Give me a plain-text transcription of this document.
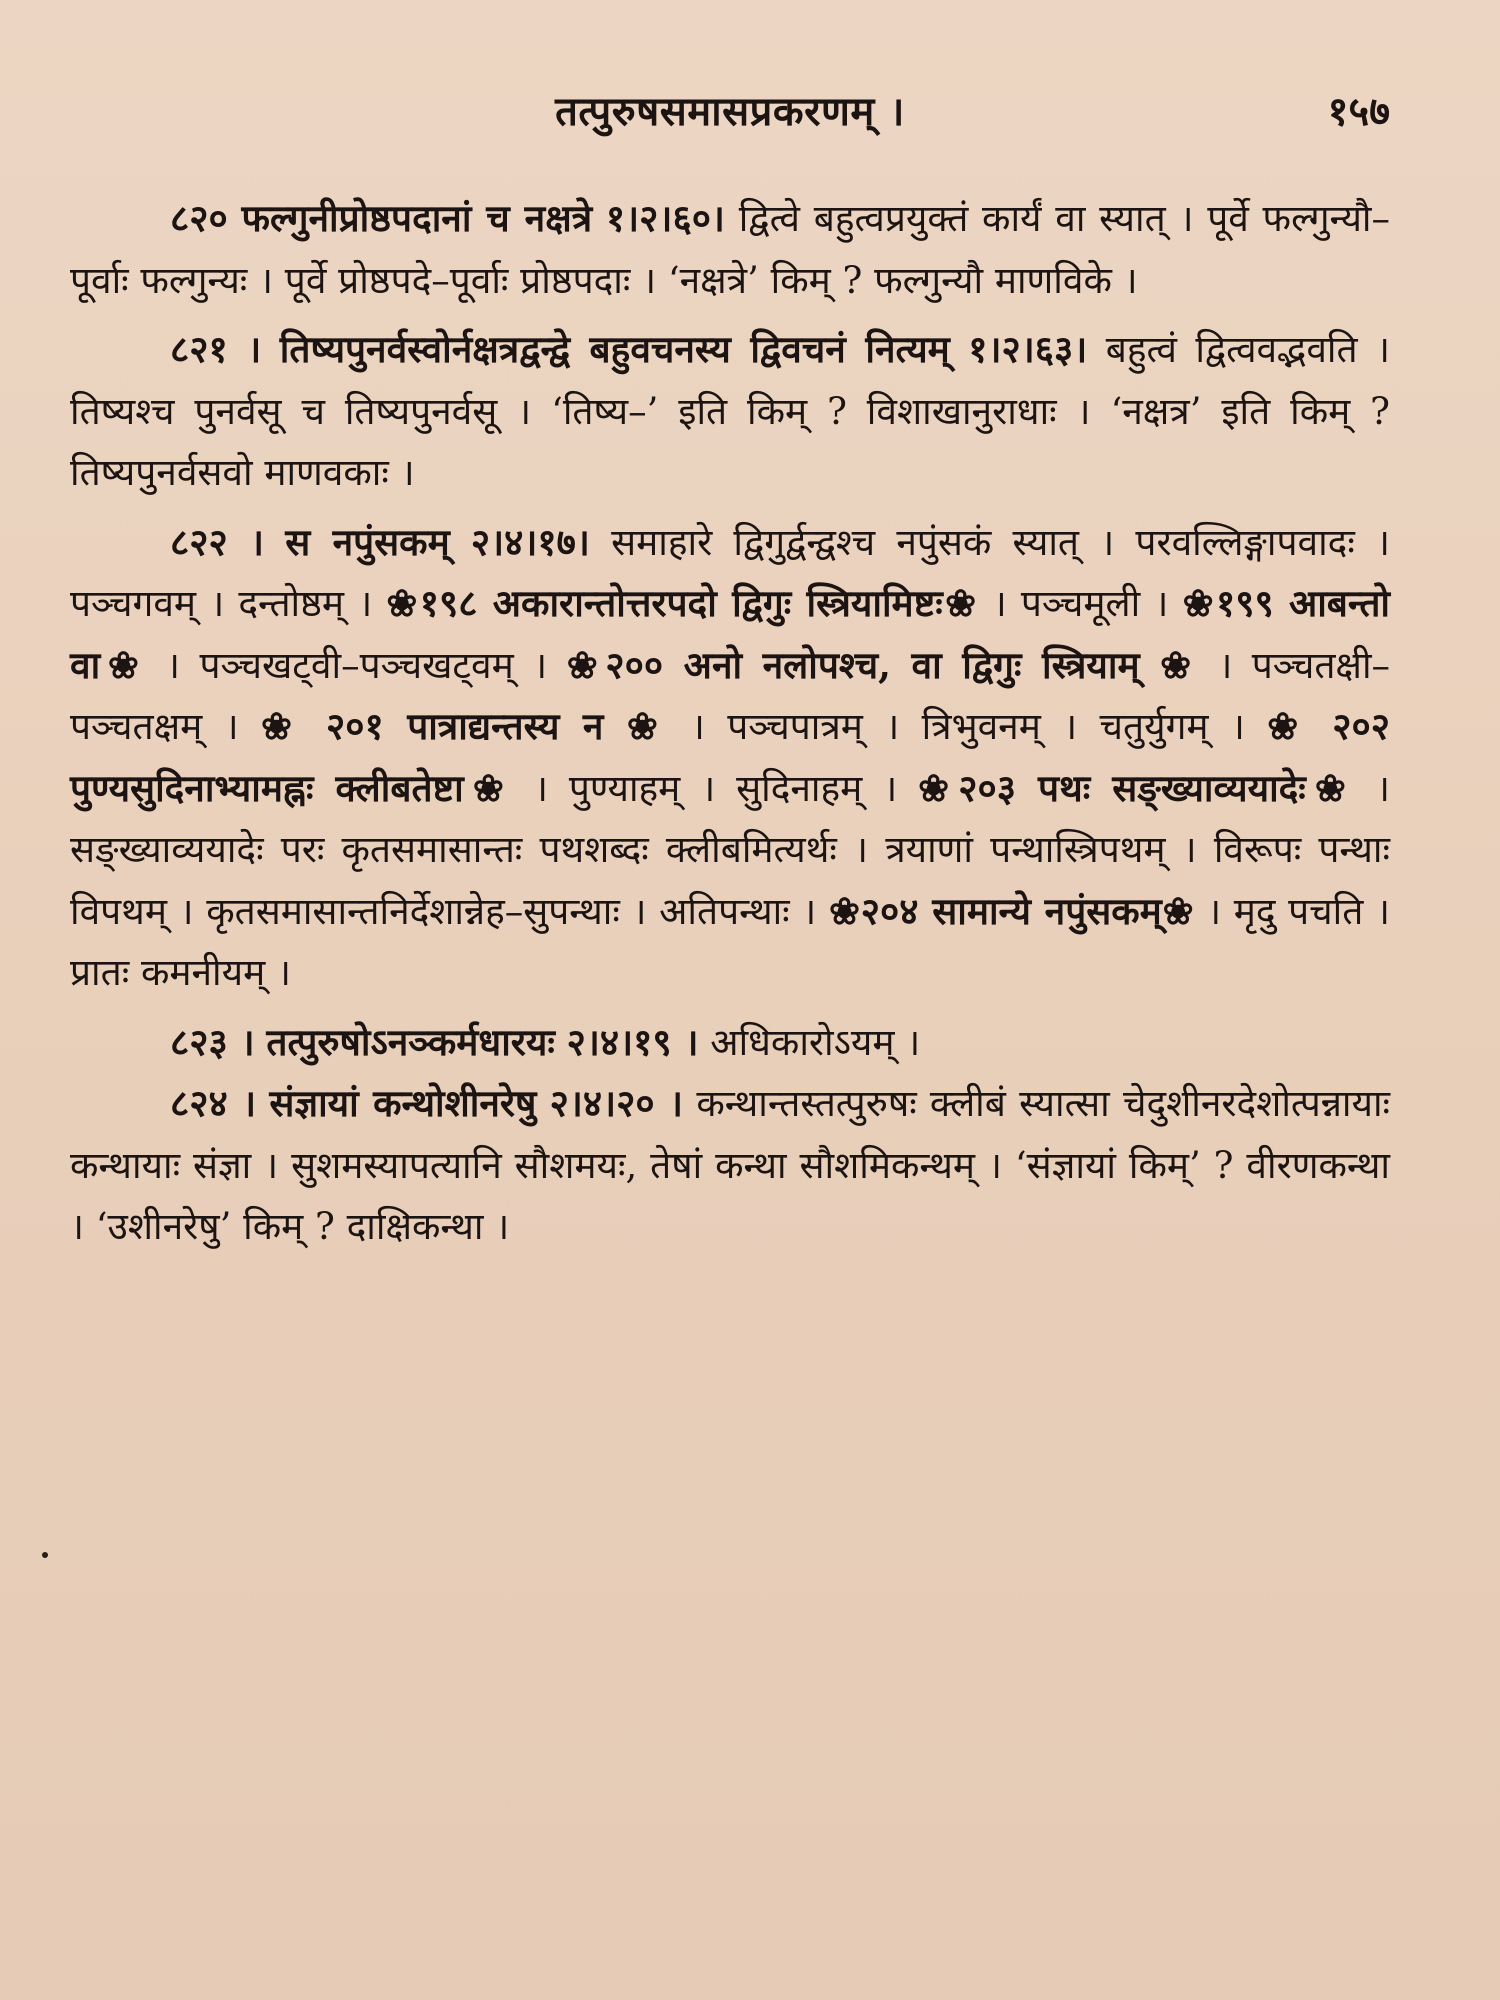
तत्पुरुषसमासप्रकरणम् ।	१५७

८२० फल्गुनीप्रोष्ठपदानां च नक्षत्रे १।२।६०। द्वित्वे बहुत्वप्रयुक्तं कार्यं वा स्यात् । पूर्वे फल्गुन्यौ–पूर्वाः फल्गुन्यः । पूर्वे प्रोष्ठपदे–पूर्वाः प्रोष्ठपदाः । ‘नक्षत्रे’ किम् ? फल्गुन्यौ माणविके ।

८२१ । तिष्यपुनर्वस्वोर्नक्षत्रद्वन्द्वे बहुवचनस्य द्विवचनं नित्यम् १।२।६३। बहुत्वं द्वित्ववद्भवति । तिष्यश्च पुनर्वसू च तिष्यपुनर्वसू । ‘तिष्य–’ इति किम् ? विशाखानुराधाः । ‘नक्षत्र’ इति किम् ? तिष्यपुनर्वसवो माणवकाः ।

८२२ । स नपुंसकम् २।४।१७। समाहारे द्विगुर्द्वन्द्वश्च नपुंसकं स्यात् । परवल्लिङ्गापवादः । पञ्चगवम् । दन्तोष्ठम् । ❀१९८ अकारान्तोत्तरपदो द्विगुः स्त्रियामिष्टः❀ । पञ्चमूली । ❀१९९ आबन्तो वा❀ । पञ्चखट्वी–पञ्चखट्वम् । ❀२०० अनो नलोपश्च, वा द्विगुः स्त्रियाम् ❀ । पञ्चतक्षी–पञ्चतक्षम् । ❀ २०१ पात्राद्यन्तस्य न ❀ । पञ्चपात्रम् । त्रिभुवनम् । चतुर्युगम् । ❀ २०२ पुण्यसुदिनाभ्यामह्नः क्लीबतेष्टा❀ । पुण्याहम् । सुदिनाहम् । ❀२०३ पथः सङ्ख्याव्ययादेः❀ । सङ्ख्याव्ययादेः परः कृतसमासान्तः पथशब्दः क्लीबमित्यर्थः । त्रयाणां पन्थास्त्रिपथम् । विरूपः पन्थाः विपथम् । कृतसमासान्तनिर्देशान्नेह–सुपन्थाः । अतिपन्थाः । ❀२०४ सामान्ये नपुंसकम्❀ । मृदु पचति । प्रातः कमनीयम् ।

८२३ । तत्पुरुषोऽनञ्कर्मधारयः २।४।१९ । अधिकारोऽयम् ।

८२४ । संज्ञायां कन्थोशीनरेषु २।४।२० । कन्थान्तस्तत्पुरुषः क्लीबं स्यात्सा चेदुशीनरदेशोत्पन्नायाः कन्थायाः संज्ञा । सुशमस्यापत्यानि सौशमयः, तेषां कन्था सौशमिकन्थम् । ‘संज्ञायां किम्’ ? वीरणकन्था । ‘उशीनरेषु’ किम् ? दाक्षिकन्था ।
